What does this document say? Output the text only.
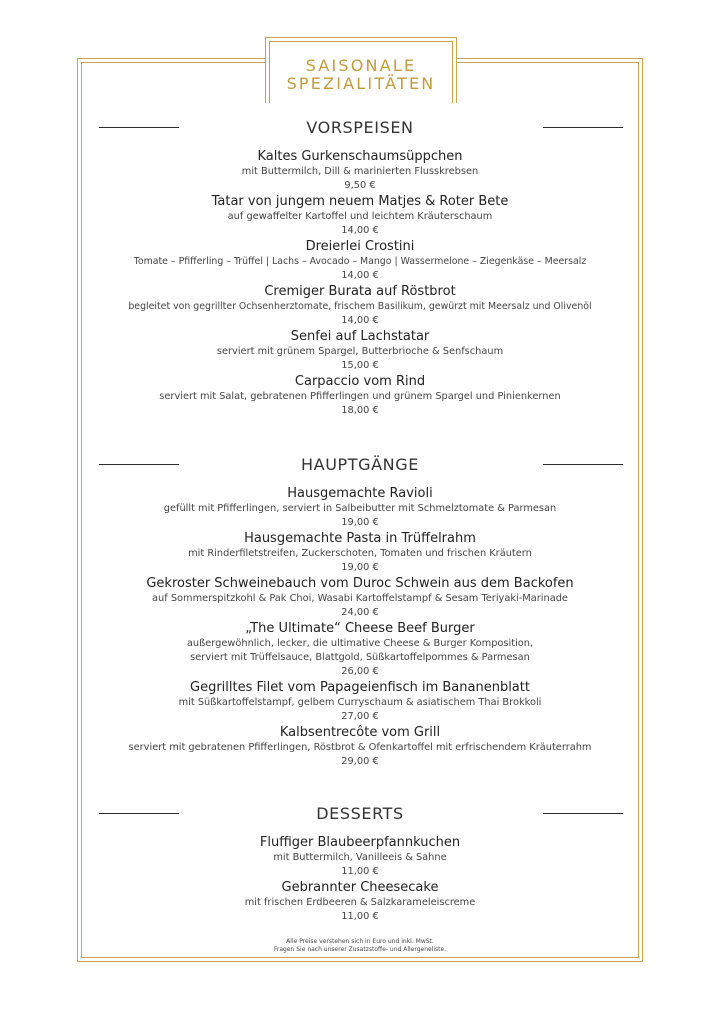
SAISONALE
SPEZIALITÄTEN
VORSPEISEN
Kaltes Gurkenschaumsüppchen
mit Buttermilch, Dill & marinierten Flusskrebsen
9,50 €
Tatar von jungem neuem Matjes & Roter Bete
auf gewaffelter Kartoffel und leichtem Kräuterschaum
14,00 €
Dreierlei Crostini
Tomate – Pfifferling – Trüffel | Lachs – Avocado – Mango | Wassermelone – Ziegenkäse – Meersalz
14,00 €
Cremiger Burata auf Röstbrot
begleitet von gegrillter Ochsenherztomate, frischem Basilikum, gewürzt mit Meersalz und Olivenöl
14,00 €
Senfei auf Lachstatar
serviert mit grünem Spargel, Butterbrioche & Senfschaum
15,00 €
Carpaccio vom Rind
serviert mit Salat, gebratenen Pfifferlingen und grünem Spargel und Pinienkernen
18,00 €
HAUPTGÄNGE
Hausgemachte Ravioli
gefüllt mit Pfifferlingen, serviert in Salbeibutter mit Schmelztomate & Parmesan
19,00 €
Hausgemachte Pasta in Trüffelrahm
mit Rinderfiletstreifen, Zuckerschoten, Tomaten und frischen Kräutern
19,00 €
Gekroster Schweinebauch vom Duroc Schwein aus dem Backofen
auf Sommerspitzkohl & Pak Choi, Wasabi Kartoffelstampf & Sesam Teriyaki-Marinade
24,00 €
„The Ultimate“ Cheese Beef Burger
außergewöhnlich, lecker, die ultimative Cheese & Burger Komposition,
serviert mit Trüffelsauce, Blattgold, Süßkartoffelpommes & Parmesan
26,00 €
Gegrilltes Filet vom Papageienfisch im Bananenblatt
mit Süßkartoffelstampf, gelbem Curryschaum & asiatischem Thai Brokkoli
27,00 €
Kalbsentrecôte vom Grill
serviert mit gebratenen Pfifferlingen, Röstbrot & Ofenkartoffel mit erfrischendem Kräuterrahm
29,00 €
DESSERTS
Fluffiger Blaubeerpfannkuchen
mit Buttermilch, Vanilleeis & Sahne
11,00 €
Gebrannter Cheesecake
mit frischen Erdbeeren & Salzkarameleiscreme
11,00 €
Alle Preise verstehen sich in Euro und inkl. MwSt.
Fragen Sie nach unserer Zusatzstoffe- und Allergeneliste.
